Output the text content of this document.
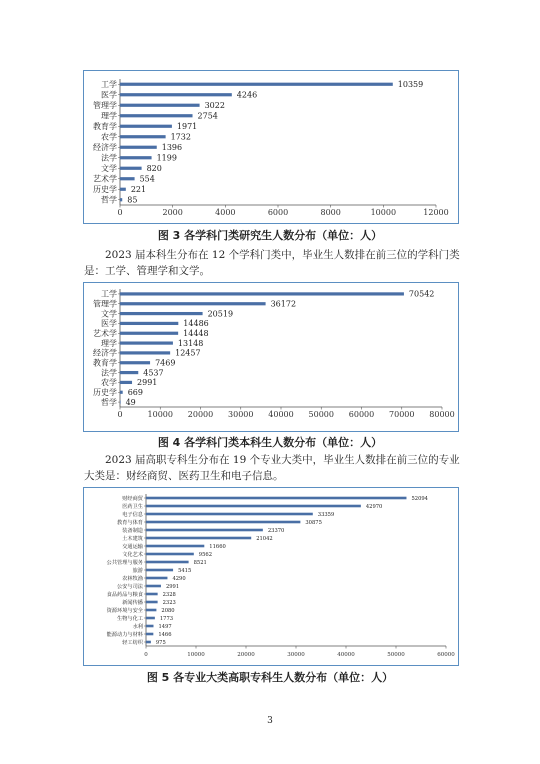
0	2000	4000	6000	8000	10000	12000
工学	10359
医学	4246
管理学	3022
理学	2754
教育学	1971
农学	1732
经济学	1396
法学	1199
文学	820
艺术学	554
历史学 221
哲学 85
图 3 各学科门类研究生人数分布（单位：人）
2023 届本科生分布在 12 个学科门类中，毕业生人数排在前三位的学科门类是：工学、管理学和文学。
0	10000 20000 30000 40000 50000 60000 70000 80000
工学	70542
管理学	36172
文学	20519
医学	14486
艺术学	14448
理学	13148
经济学	12457
教育学	7469
法学	4537
农学	2991
历史学 669
哲学 49
图 4 各学科门类本科生人数分布（单位：人）
2023 届高职专科生分布在 19 个专业大类中，毕业生人数排在前三位的专业大类是：财经商贸、医药卫生和电子信息。
0	10000	20000	30000	40000	50000	60000
财经商贸	52094
医药卫生	42970
电子信息	33359
教育与体育	30875
装备制造	23370
土木建筑	21042
交通运输	11660
文化艺术	9562
公共管理与服务	8521
旅游	5415
农林牧渔	4290
公安与司法	2991
食品药品与粮食	2328
新闻传播	2323
资源环境与安全	2080
生物与化工	1773
水利	1497
能源动力与材料	1466
轻工纺织 975
图 5 各专业大类高职专科生人数分布（单位：人）
3
